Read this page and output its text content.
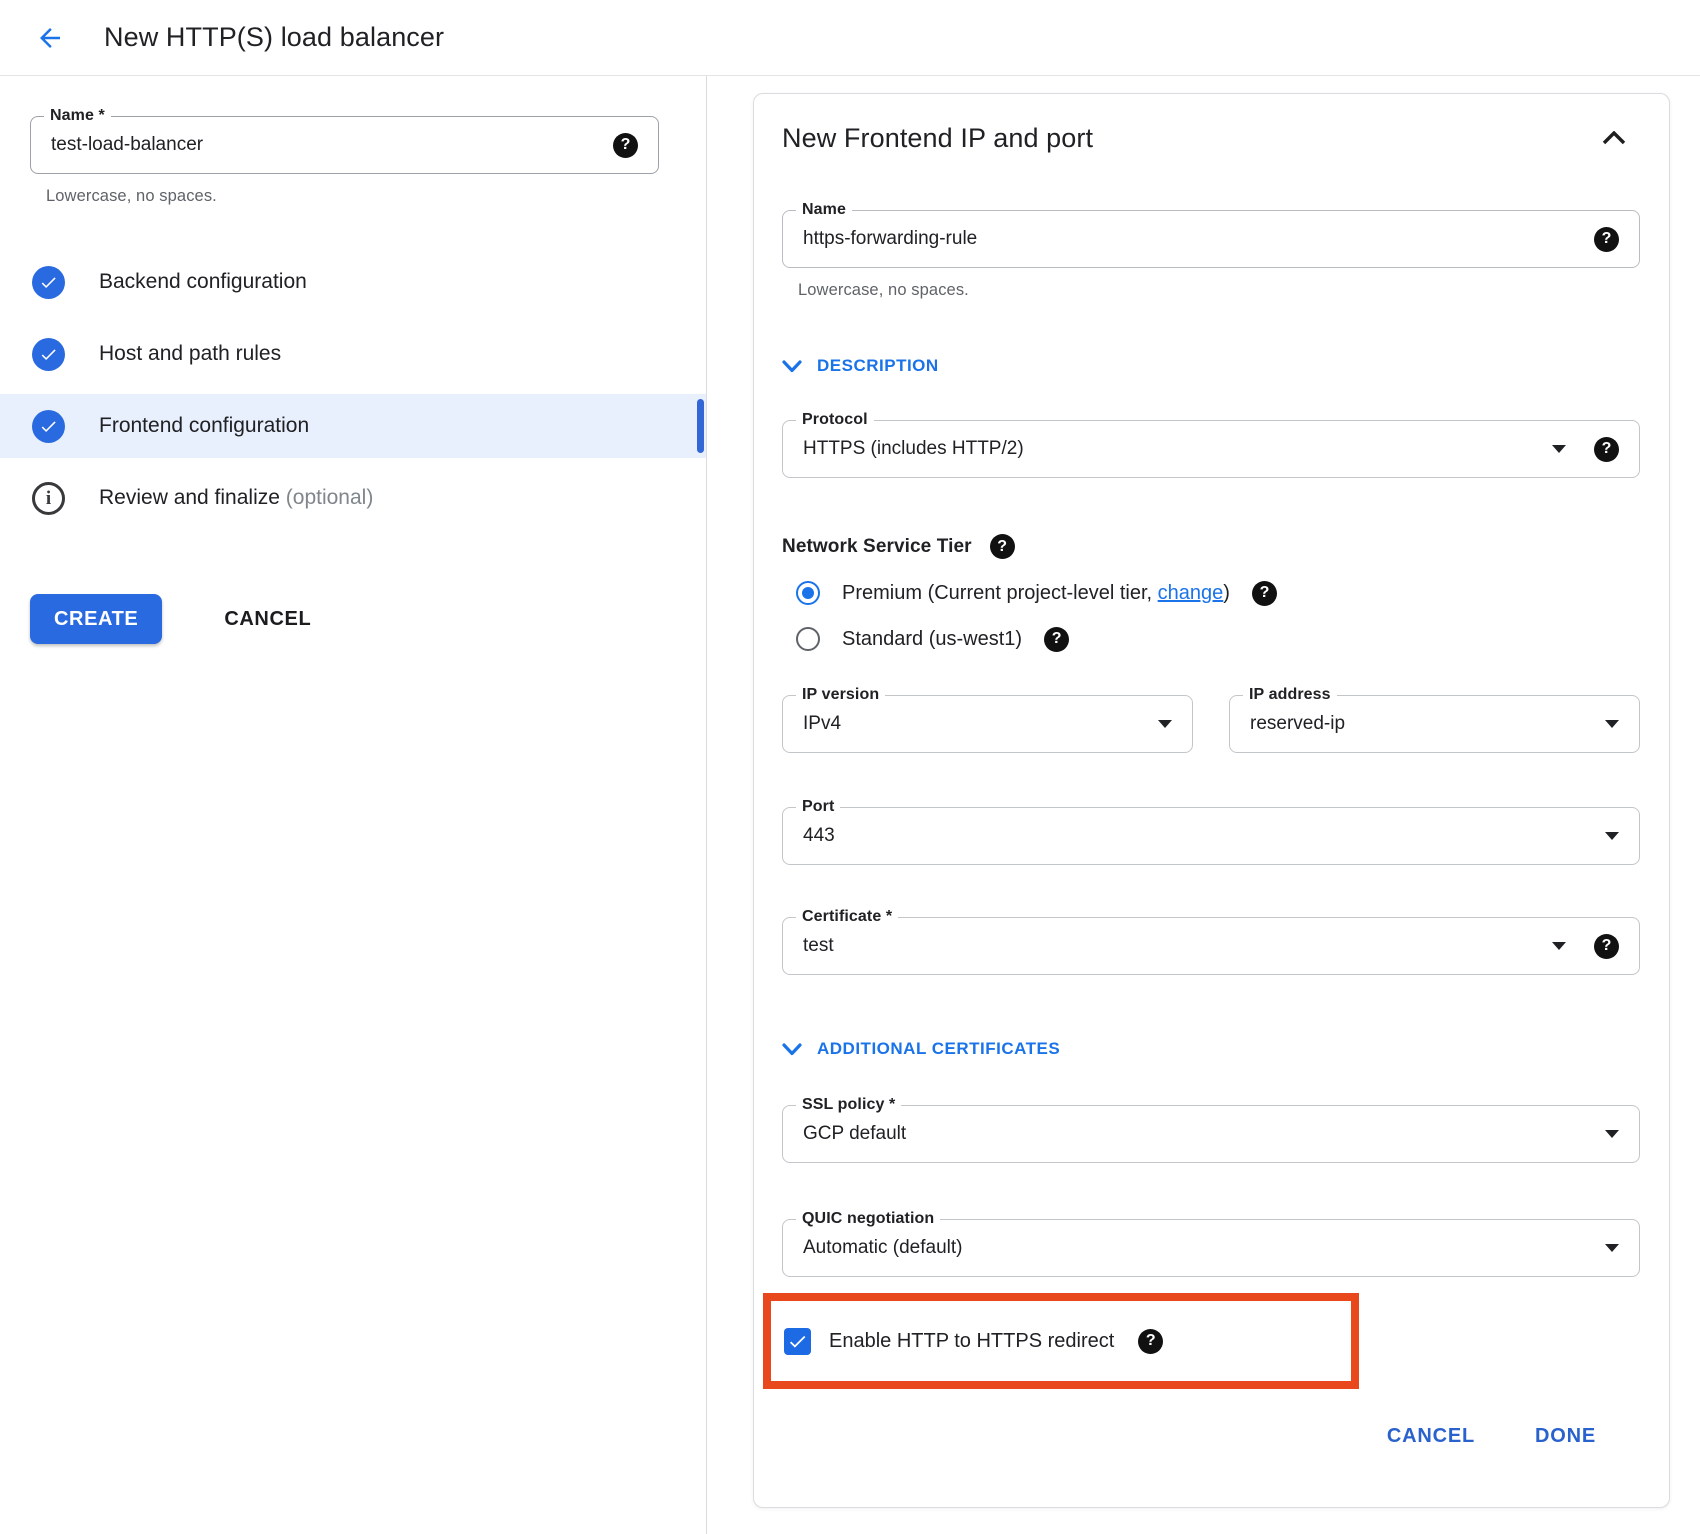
New HTTP(S) load balancer
Name *
test-load-balancer
?
Lowercase, no spaces.
Backend configuration
Host and path rules
Frontend configuration
i Review and finalize (optional)
CREATE	CANCEL
New Frontend IP and port
Name
https-forwarding-rule
?
Lowercase, no spaces.
DESCRIPTION
Protocol
HTTPS (includes HTTP/2)	?
Network Service Tier	?
Premium (Current project-level tier, change)	?
Standard (us-west1)	?
IP version
IPv4
IP address
reserved-ip
Port
443
Certificate *
test	?
ADDITIONAL CERTIFICATES
SSL policy *
GCP default
QUIC negotiation
Automatic (default)
Enable HTTP to HTTPS redirect	?
CANCEL	DONE
